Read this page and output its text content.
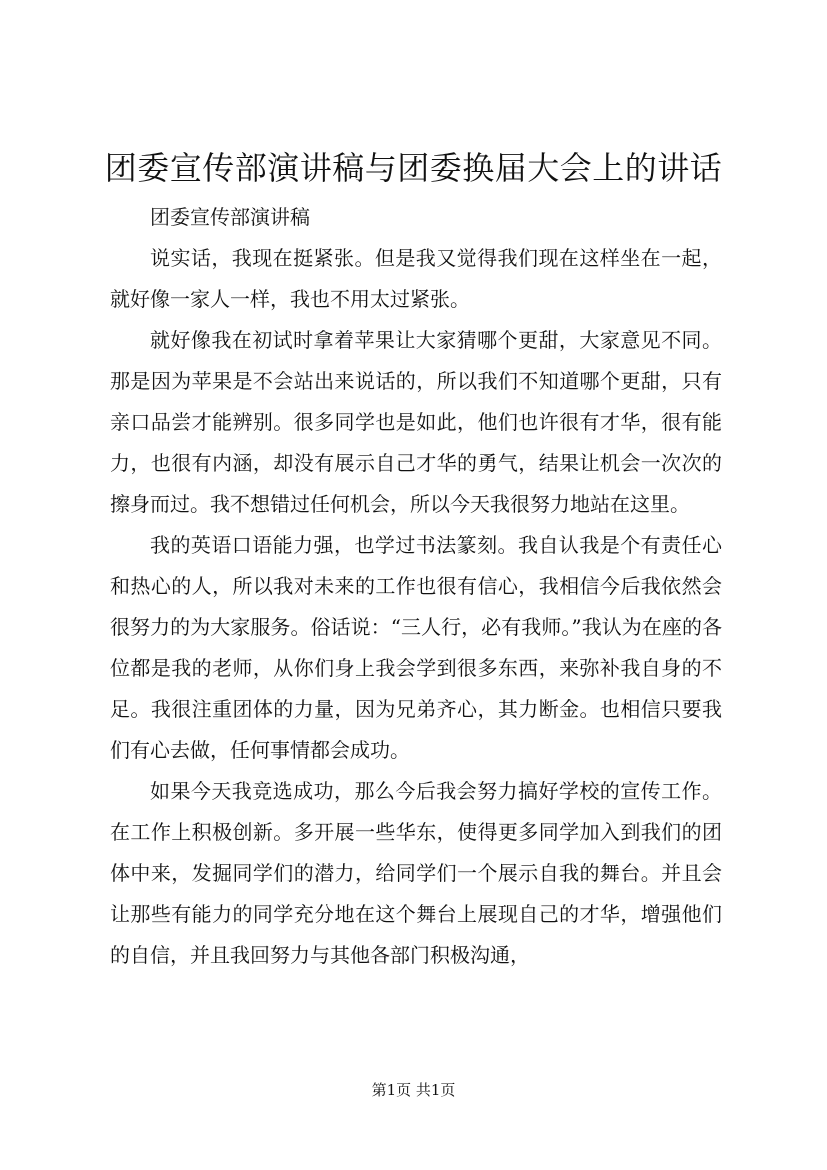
团委宣传部演讲稿与团委换届大会上的讲话

团委宣传部演讲稿

说实话，我现在挺紧张。但是我又觉得我们现在这样坐在一起，就好像一家人一样，我也不用太过紧张。

就好像我在初试时拿着苹果让大家猜哪个更甜，大家意见不同。那是因为苹果是不会站出来说话的，所以我们不知道哪个更甜，只有亲口品尝才能辨别。很多同学也是如此，他们也许很有才华，很有能力，也很有内涵，却没有展示自己才华的勇气，结果让机会一次次的擦身而过。我不想错过任何机会，所以今天我很努力地站在这里。

我的英语口语能力强，也学过书法篆刻。我自认我是个有责任心和热心的人，所以我对未来的工作也很有信心，我相信今后我依然会很努力的为大家服务。俗话说：“三人行，必有我师。”我认为在座的各位都是我的老师，从你们身上我会学到很多东西，来弥补我自身的不足。我很注重团体的力量，因为兄弟齐心，其力断金。也相信只要我们有心去做，任何事情都会成功。

如果今天我竞选成功，那么今后我会努力搞好学校的宣传工作。在工作上积极创新。多开展一些华东，使得更多同学加入到我们的团体中来，发掘同学们的潜力，给同学们一个展示自我的舞台。并且会让那些有能力的同学充分地在这个舞台上展现自己的才华，增强他们的自信，并且我回努力与其他各部门积极沟通，

第1页 共1页
